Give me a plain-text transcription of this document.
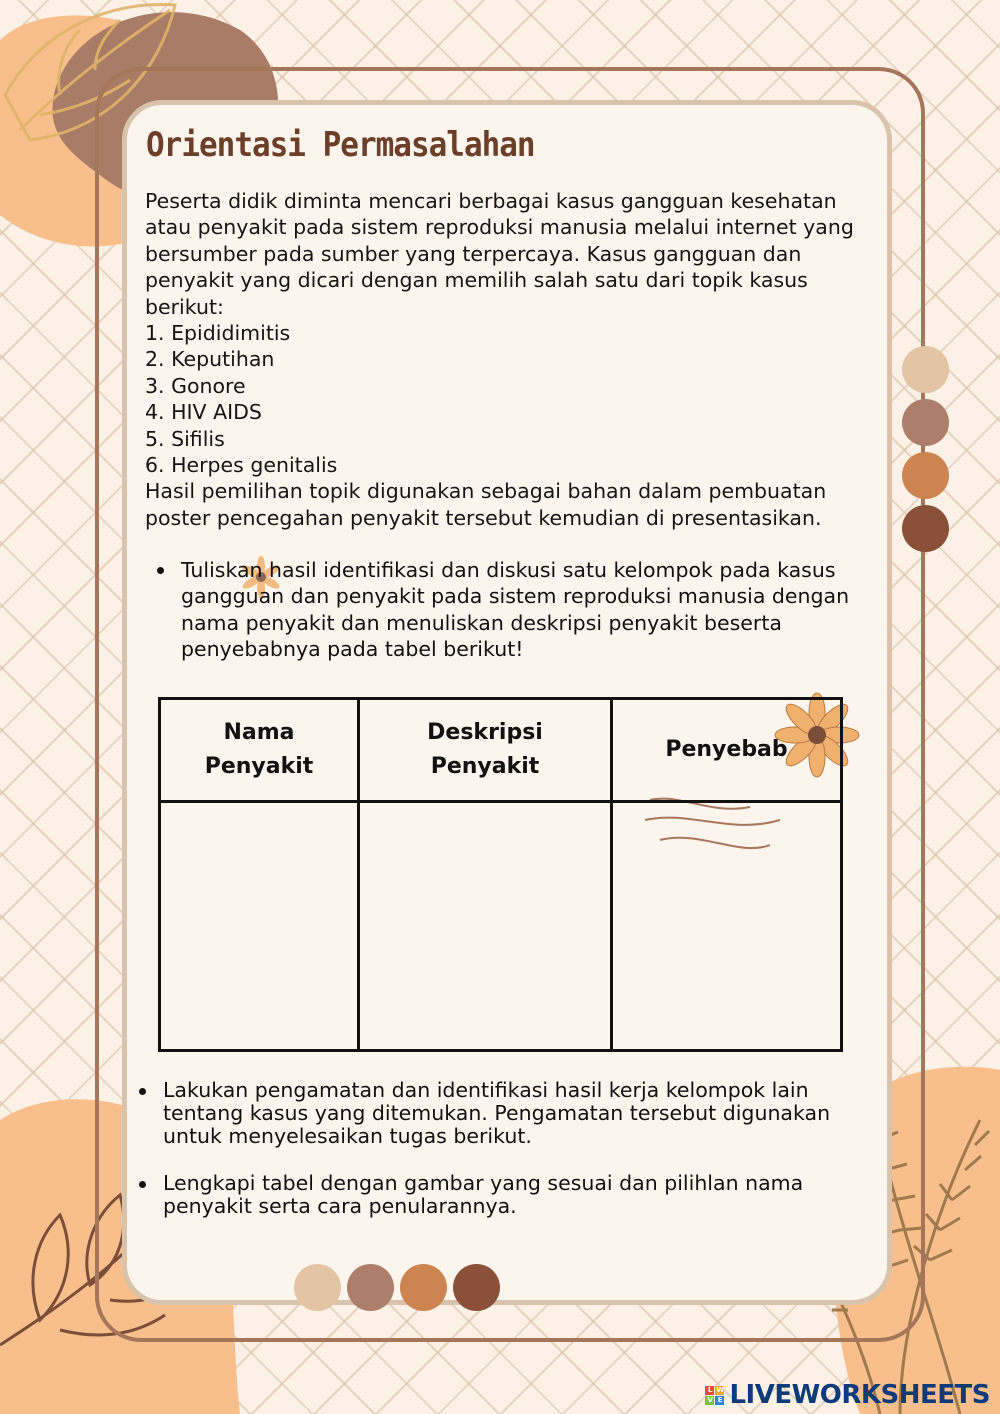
Orientasi Permasalahan

Peserta didik diminta mencari berbagai kasus gangguan kesehatan atau penyakit pada sistem reproduksi manusia melalui internet yang bersumber pada sumber yang terpercaya. Kasus gangguan dan penyakit yang dicari dengan memilih salah satu dari topik kasus berikut:

1. Epididimitis
2. Keputihan
3. Gonore
4. HIV AIDS
5. Sifilis
6. Herpes genitalis

Hasil pemilihan topik digunakan sebagai bahan dalam pembuatan poster pencegahan penyakit tersebut kemudian di presentasikan.

Tuliskan hasil identifikasi dan diskusi satu kelompok pada kasus gangguan dan penyakit pada sistem reproduksi manusia dengan nama penyakit dan menuliskan deskripsi penyakit beserta penyebabnya pada tabel berikut!

Nama Penyakit	Deskripsi Penyakit	Penyebab

Lakukan pengamatan dan identifikasi hasil kerja kelompok lain tentang kasus yang ditemukan. Pengamatan tersebut digunakan untuk menyelesaikan tugas berikut.

Lengkapi tabel dengan gambar yang sesuai dan pilihlan nama penyakit serta cara penularannya.

L W
V E LIVEWORKSHEETS
